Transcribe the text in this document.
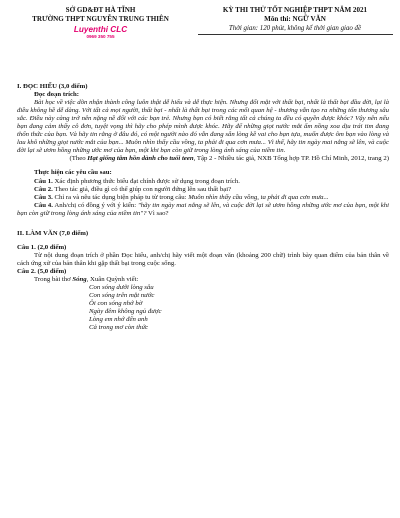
SỞ GD&ĐT HÀ TĨNH
TRƯỜNG THPT NGUYỄN TRUNG THIÊN
Luyenthi CLC
0969 350 755
KỲ THI THỬ TỐT NGHIỆP THPT NĂM 2021
Môn thi: NGỮ VĂN
Thời gian: 120 phút, không kể thời gian giao đề
I. ĐỌC HIỂU (3,0 điểm)
Đọc đoạn trích:

Bài học về việc dõn nhận thành công luôn thật dễ hiểu và dễ thực hiện. Nhưng đối mặt với thất bại, nhất là thất bại đầu đời, lại là điều không hề dễ dàng. Với tất cả mọi người, thất bại - nhất là thất bại trong các mối quan hệ - thương vẫn tạo ra những tổn thương sâu sắc. Điều này càng trở nên nặng nề đối với các bạn trẻ. Nhưng bạn có biết rằng tất cả chúng ta đều có quyền được khóc? Vậy nên nếu bạn đang cảm thấy cô đơn, tuyệt vọng thì hãy cho phép mình được khóc. Hãy để những giọt nước mắt ấm nồng xoa dịu trái tim đang thổn thức của bạn. Và hãy tin rằng ở đâu đó, có một người nào đó vẫn đang sẵn lòng kề vai cho bạn tựa, muốn được ôm bạn vào lòng và lau khô những giọt nước mắt của bạn... Muôn nhìn thấy cầu vồng, ta phải đi qua cơn mưa... Vì thế, hãy tin ngày mai nắng sẽ lên, và cuộc đời lại sẽ ươm hồng những ước mơ của bạn, một khi bạn còn giữ trong lòng ánh sáng của niềm tin.

(Theo Hạt giống tâm hồn dành cho tuổi teen, Tập 2 - Nhiều tác giả, NXB Tổng hợp TP. Hồ Chí Minh, 2012, trang 2)

Thực hiện các yêu cầu sau:

Câu 1. Xác định phương thức biểu đạt chính được sử dụng trong đoạn trích.

Câu 2. Theo tác giả, điều gì có thể giúp con người đứng lên sau thất bại?

Câu 3. Chỉ ra và nêu tác dụng biện pháp tu từ trong câu: Muôn nhìn thấy cầu vồng, ta phải đi qua cơn mưa...

Câu 4. Anh/chị có đồng ý với ý kiến: "hãy tin ngày mai nắng sẽ lên, và cuộc đời lại sẽ ươm hồng những ước mơ của bạn, một khi bạn còn giữ trong lòng ánh sáng của niềm tin"? Vì sao?

II. LÀM VĂN (7,0 điểm)
Câu 1. (2,0 điểm)

Từ nội dung đoạn trích ở phần Đọc hiểu, anh/chị hãy viết một đoạn văn (khoảng 200 chữ) trình bày quan điểm của bản thân về cách ứng xử của bản thân khi gặp thất bại trong cuộc sống.

Câu 2. (5,0 điểm)

Trong bài thơ Sóng, Xuân Quỳnh viết:

Con sóng dưới lòng sâu
Con sóng trên mặt nước
Ôi con sóng nhớ bờ
Ngày đêm không ngủ được
Lòng em nhớ đến anh
Cả trong mơ còn thức
